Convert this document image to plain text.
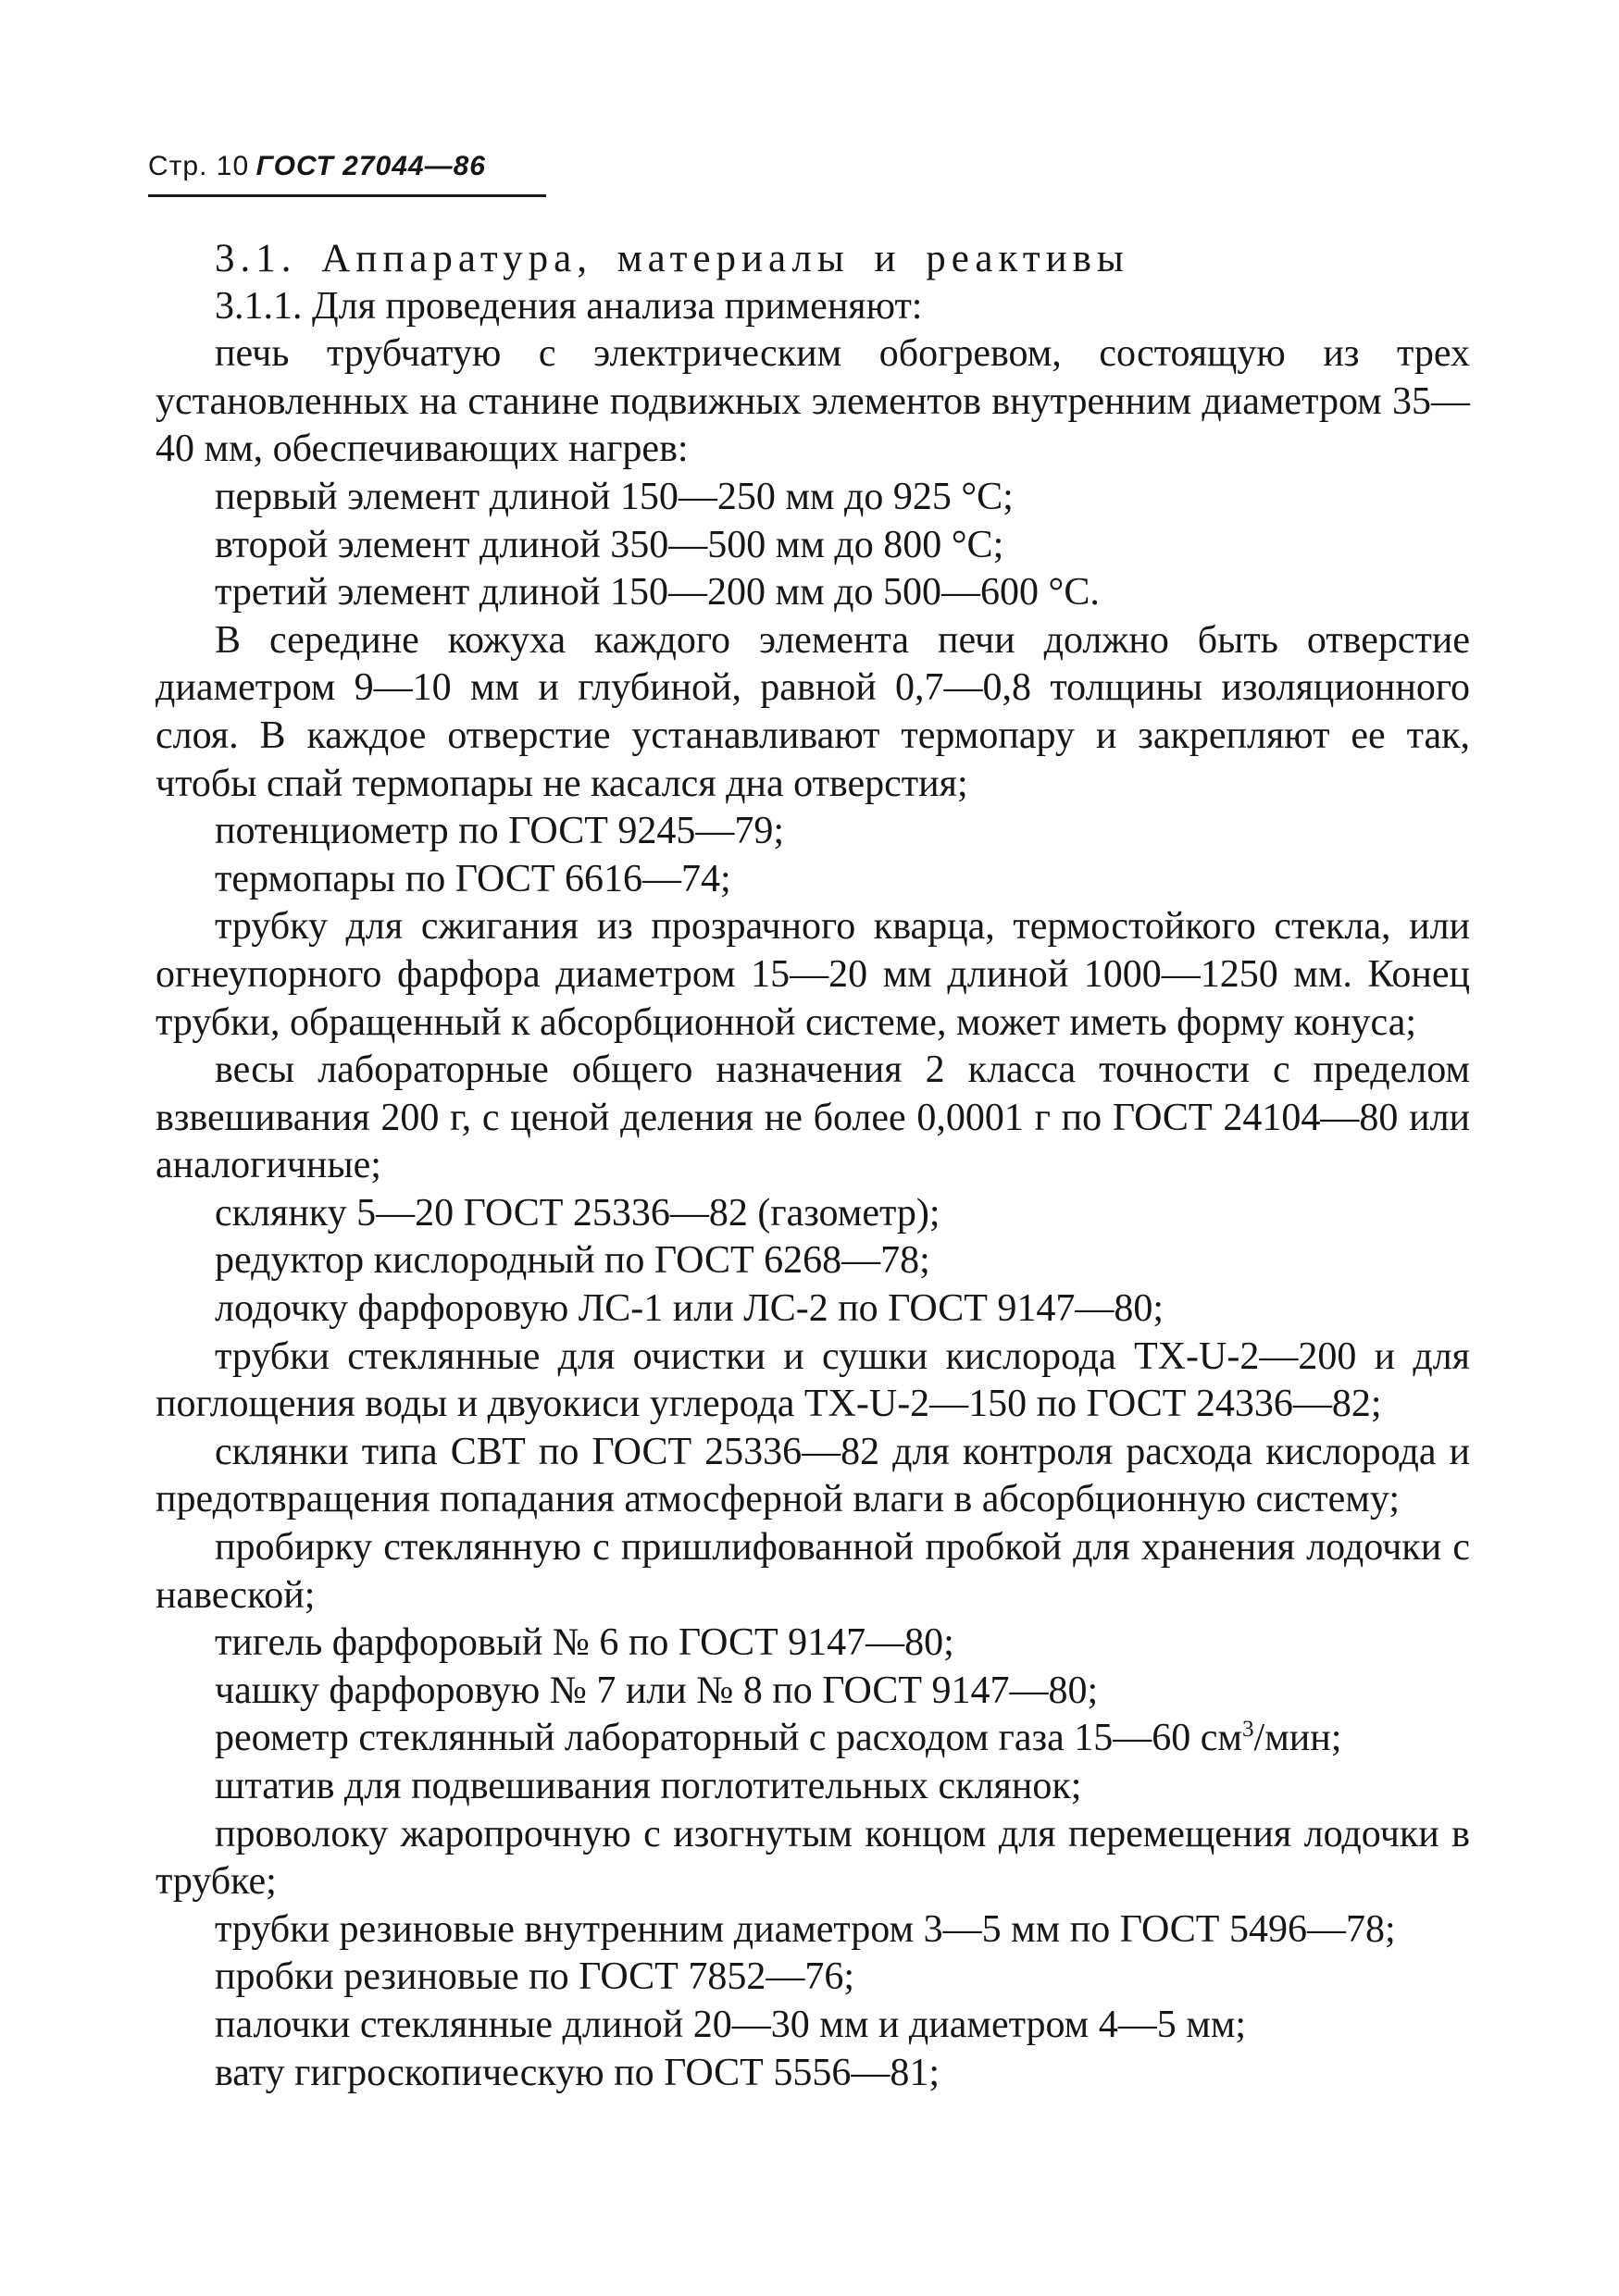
Стр. 10 ГОСТ 27044—86

3.1. Аппаратура, материалы и реактивы

3.1.1. Для проведения анализа применяют:

печь трубчатую с электрическим обогревом, состоящую из трех установленных на станине подвижных элементов внутренним диаметром 35—40 мм, обеспечивающих нагрев:

первый элемент длиной 150—250 мм до 925 °С;

второй элемент длиной 350—500 мм до 800 °С;

третий элемент длиной 150—200 мм до 500—600 °С.

В середине кожуха каждого элемента печи должно быть отверстие диаметром 9—10 мм и глубиной, равной 0,7—0,8 толщины изоляционного слоя. В каждое отверстие устанавливают термопару и закрепляют ее так, чтобы спай термопары не касался дна отверстия;

потенциометр по ГОСТ 9245—79;

термопары по ГОСТ 6616—74;

трубку для сжигания из прозрачного кварца, термостойкого стекла, или огнеупорного фарфора диаметром 15—20 мм длиной 1000—1250 мм. Конец трубки, обращенный к абсорбционной системе, может иметь форму конуса;

весы лабораторные общего назначения 2 класса точности с пределом взвешивания 200 г, с ценой деления не более 0,0001 г по ГОСТ 24104—80 или аналогичные;

склянку 5—20 ГОСТ 25336—82 (газометр);

редуктор кислородный по ГОСТ 6268—78;

лодочку фарфоровую ЛС-1 или ЛС-2 по ГОСТ 9147—80;

трубки стеклянные для очистки и сушки кислорода ТХ-U-2—200 и для поглощения воды и двуокиси углерода ТХ-U-2—150 по ГОСТ 24336—82;

склянки типа СВТ по ГОСТ 25336—82 для контроля расхода кислорода и предотвращения попадания атмосферной влаги в абсорбционную систему;

пробирку стеклянную с пришлифованной пробкой для хранения лодочки с навеской;

тигель фарфоровый № 6 по ГОСТ 9147—80;

чашку фарфоровую № 7 или № 8 по ГОСТ 9147—80;

реометр стеклянный лабораторный с расходом газа 15—60 $см^3$/мин;

штатив для подвешивания поглотительных склянок;

проволоку жаропрочную с изогнутым концом для перемещения лодочки в трубке;

трубки резиновые внутренним диаметром 3—5 мм по ГОСТ 5496—78;

пробки резиновые по ГОСТ 7852—76;

палочки стеклянные длиной 20—30 мм и диаметром 4—5 мм;

вату гигроскопическую по ГОСТ 5556—81;
